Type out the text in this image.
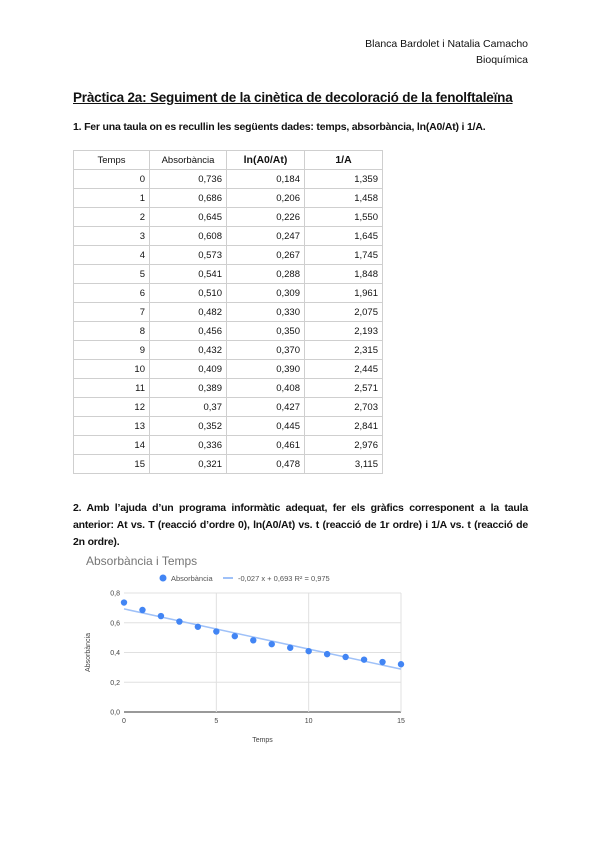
Blanca Bardolet i Natalia Camacho
Bioquímica
Pràctica 2a: Seguiment de la cinètica de decoloració de la fenolftaleïna
1. Fer una taula on es recullin les següents dades: temps, absorbància, ln(A0/At) i 1/A.
Temps	Absorbància	ln(A0/At)	1/A
0	0,736	0,184	1,359
1	0,686	0,206	1,458
2	0,645	0,226	1,550
3	0,608	0,247	1,645
4	0,573	0,267	1,745
5	0,541	0,288	1,848
6	0,510	0,309	1,961
7	0,482	0,330	2,075
8	0,456	0,350	2,193
9	0,432	0,370	2,315
10	0,409	0,390	2,445
11	0,389	0,408	2,571
12	0,37	0,427	2,703
13	0,352	0,445	2,841
14	0,336	0,461	2,976
15	0,321	0,478	3,115
2. Amb l’ajuda d’un programa informàtic adequat, fer els gràfics corresponent a la taula anterior: At vs. T (reacció d’ordre 0), ln(A0/At) vs. t (reacció de 1r ordre) i 1/A vs. t (reacció de 2n ordre).
Absorbància i Temps
Absorbància	-0,027 x + 0,693 R² = 0,975
0,0
0,2
0,4
0,6
0,8
0	5	10	15
Temps
Absorbància
